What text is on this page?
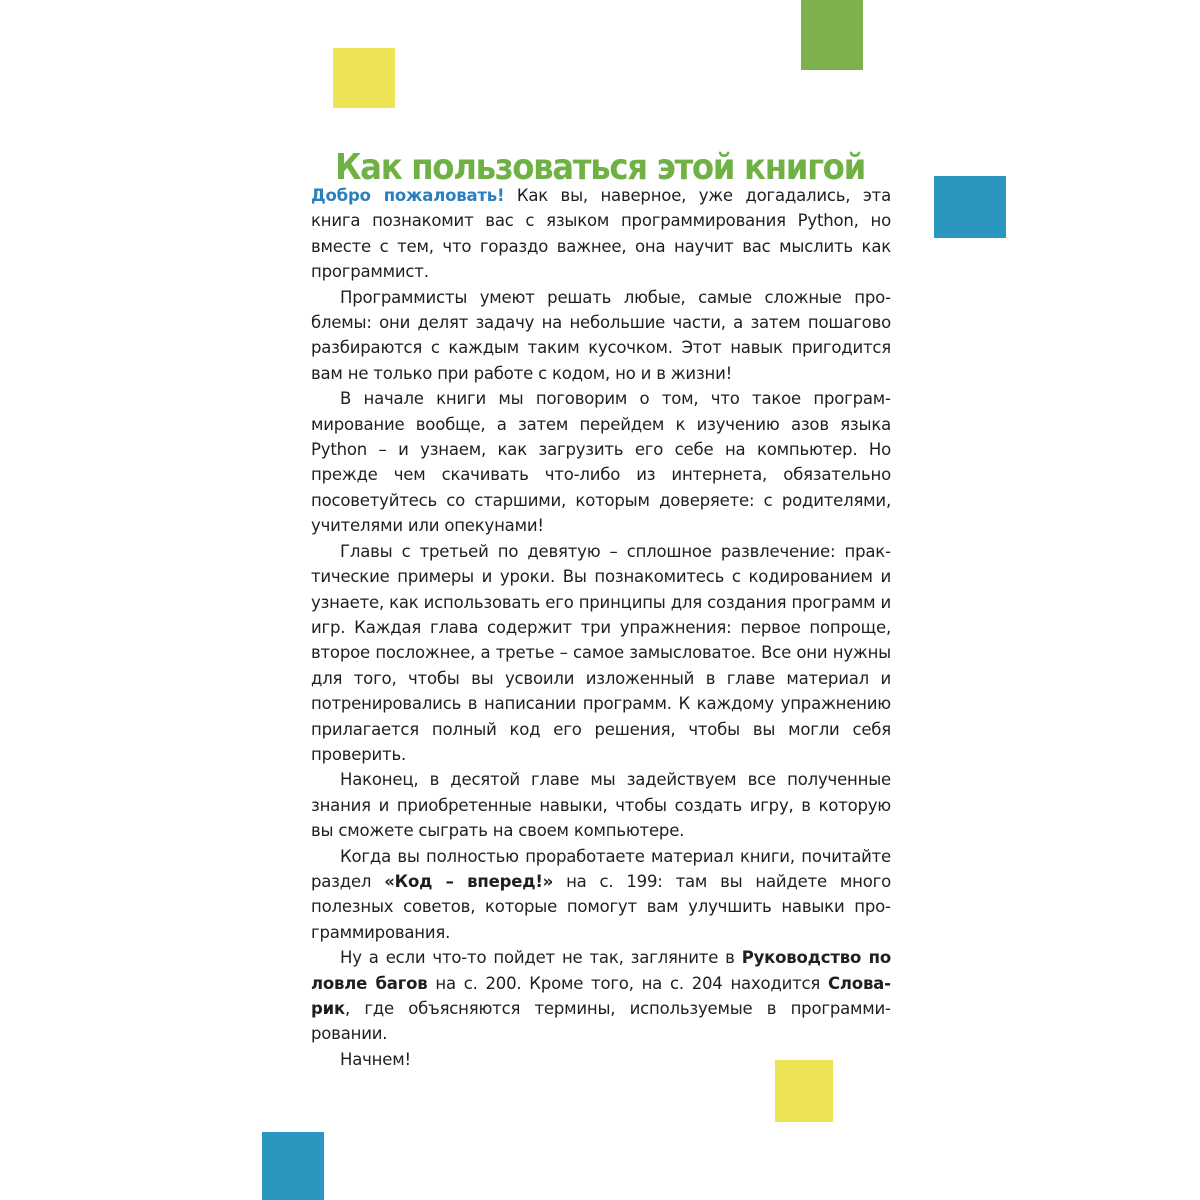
Как пользоваться этой книгой

Добро пожаловать! Как вы, наверное, уже догадались, эта книга познакомит вас с языком программирования Python, но вместе с тем, что гораздо важнее, она научит вас мыслить как программист.

Программисты умеют решать любые, самые сложные проблемы: они делят задачу на небольшие части, а затем пошагово разбираются с каждым таким кусочком. Этот навык пригодится вам не только при работе с кодом, но и в жизни!

В начале книги мы поговорим о том, что такое программирование вообще, а затем перейдем к изучению азов языка Python – и узнаем, как загрузить его себе на компьютер. Но прежде чем скачивать что-либо из интернета, обязательно посоветуйтесь со старшими, которым доверяете: с родителями, учителями или опекунами!

Главы с третьей по девятую – сплошное развлечение: практические примеры и уроки. Вы познакомитесь с кодированием и узнаете, как использовать его принципы для создания программ и игр. Каждая глава содержит три упражнения: первое попроще, второе посложнее, а третье – самое замысловатое. Все они нужны для того, чтобы вы усвоили изложенный в главе материал и потренировались в написании программ. К каждому упражнению прилагается полный код его решения, чтобы вы могли себя проверить.

Наконец, в десятой главе мы задействуем все полученные знания и приобретенные навыки, чтобы создать игру, в которую вы сможете сыграть на своем компьютере.

Когда вы полностью проработаете материал книги, почитайте раздел «Код – вперед!» на с. 199: там вы найдете много полезных советов, которые помогут вам улучшить навыки программирования.

Ну а если что-то пойдет не так, загляните в Руководство по ловле багов на с. 200. Кроме того, на с. 204 находится Словарик, где объясняются термины, используемые в программировании.

Начнем!
